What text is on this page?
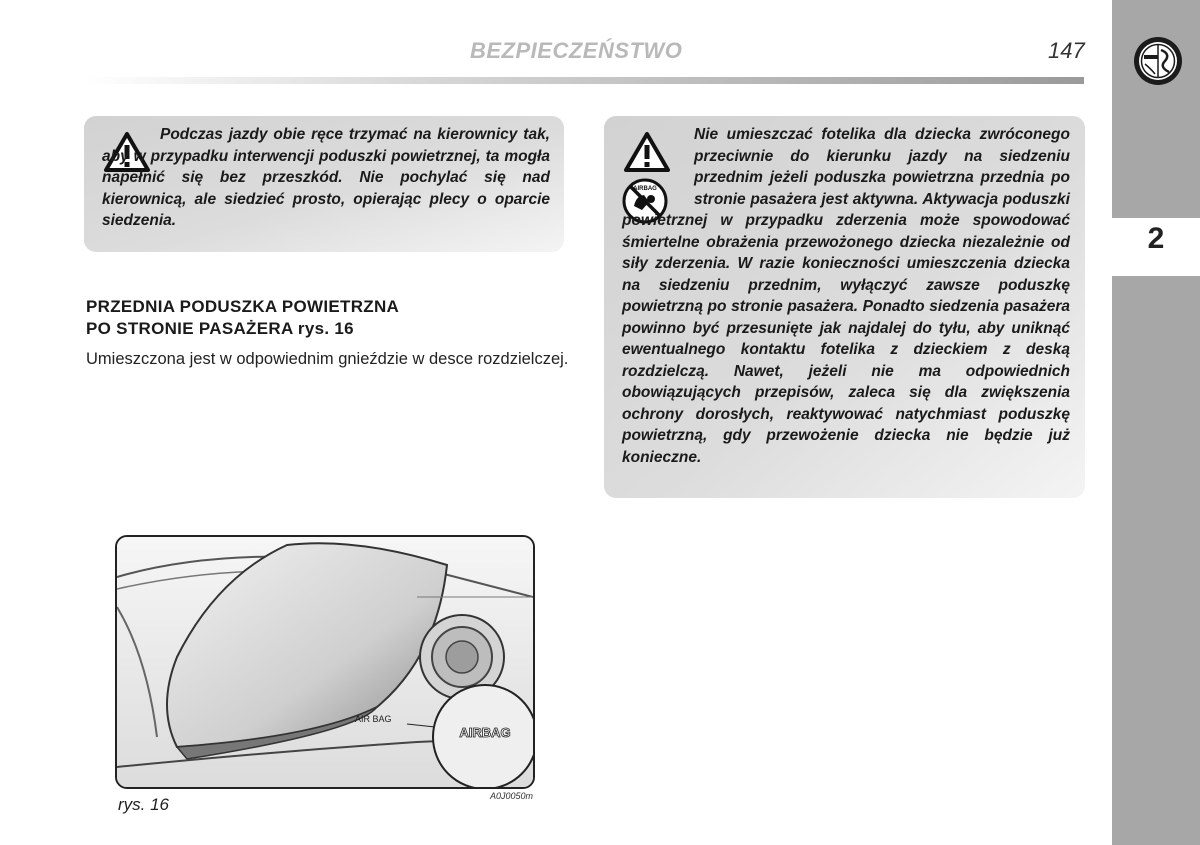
BEZPIECZEŃSTWO	147
2
Podczas jazdy obie ręce trzymać na kierownicy tak, aby w przypadku interwencji poduszki powietrznej, ta mogła napełnić się bez przeszkód. Nie pochylać się nad kierownicą, ale siedzieć prosto, opierając plecy o oparcie siedzenia.
PRZEDNIA PODUSZKA POWIETRZNA
PO STRONIE PASAŻERA rys. 16
Umieszczona jest w odpowiednim gnieździe w desce rozdzielczej.
AIRBAG
Nie umieszczać fotelika dla dziecka zwróconego przeciwnie do kierunku jazdy na siedzeniu przednim jeżeli poduszka powietrzna przednia po stronie pasażera jest aktywna. Aktywacja poduszki powietrznej w przypadku zderzenia może spowodować śmiertelne obrażenia przewożonego dziecka niezależnie od siły zderzenia. W razie konieczności umieszczenia dziecka na siedzeniu przednim, wyłączyć zawsze poduszkę powietrzną po stronie pasażera. Ponadto siedzenia pasażera powinno być przesunięte jak najdalej do tyłu, aby uniknąć ewentualnego kontaktu fotelika z dzieckiem z deską rozdzielczą. Nawet, jeżeli nie ma odpowiednich obowiązujących przepisów, zaleca się dla zwiększenia ochrony dorosłych, reaktywować natychmiast poduszkę powietrzną, gdy przewożenie dziecka nie będzie już konieczne.
AIR BAG
AIRBAG
rys. 16	A0J0050m
